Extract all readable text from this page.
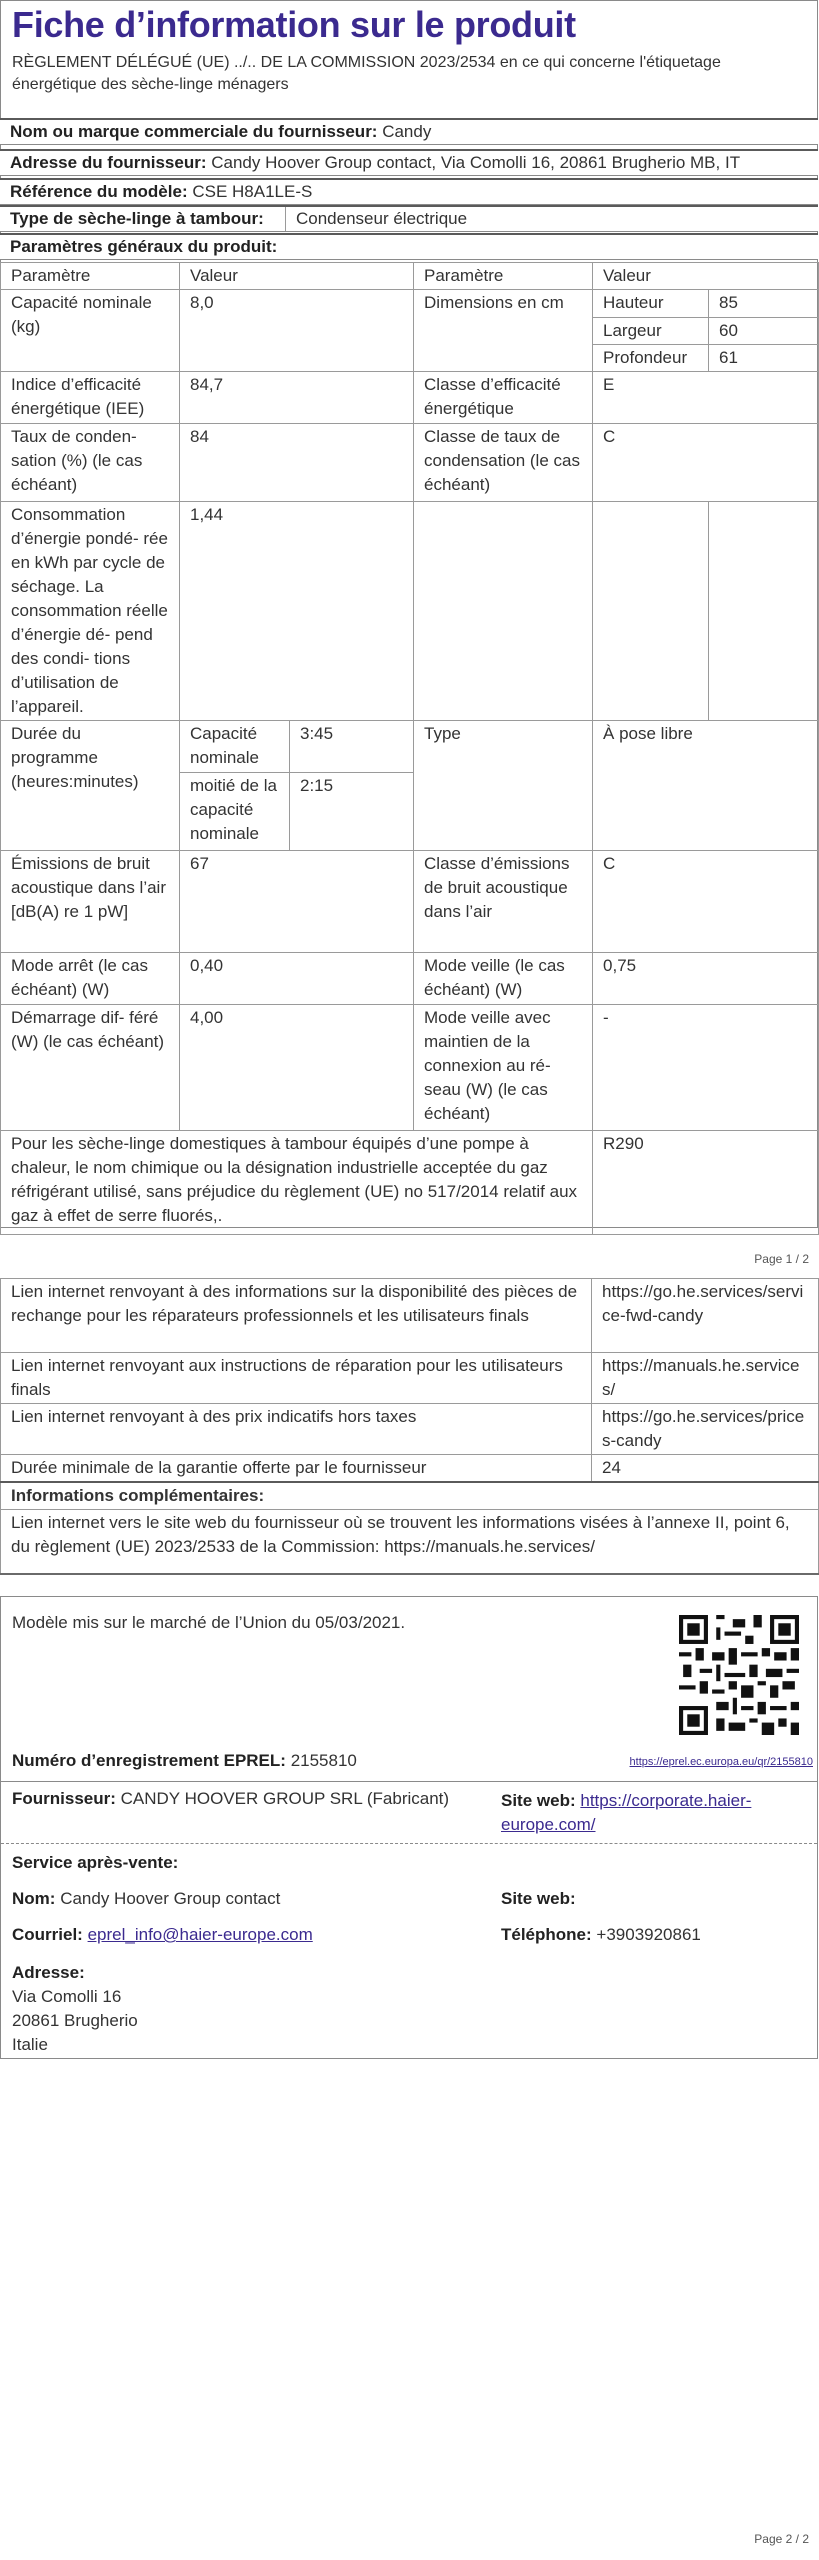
Fiche d’information sur le produit
RÈGLEMENT DÉLÉGUÉ (UE) ../.. DE LA COMMISSION 2023/2534 en ce qui concerne l'étiquetage énergétique des sèche-linge ménagers
Nom ou marque commerciale du fournisseur: Candy
Adresse du fournisseur: Candy Hoover Group contact, Via Comolli 16, 20861 Brugherio MB, IT
Référence du modèle: CSE H8A1LE-S
Type de sèche-linge à tambour:	Condenseur électrique
Paramètres généraux du produit:
Paramètre	Valeur		Paramètre	Valeur	
Capacité nominale (kg)	8,0		Dimensions en cm	Hauteur	85
				Largeur	60
				Profondeur	61
Indice d’efficacité énergétique (IEE)	84,7		Classe d’efficacité énergétique	E	
Taux de conden- sation (%) (le cas échéant)	84		Classe de taux de condensation (le cas échéant)	C	
Consommation d’énergie pondé- rée en kWh par cycle de séchage. La consommation réelle d’énergie dé- pend des condi- tions d’utilisation de l’appareil.	1,44				
Durée du programme (heures:minutes)	Capacité nominale	3:45	Type	À pose libre	
	moitié de la capacité nominale	2:15			
Émissions de bruit acoustique dans l’air [dB(A) re 1 pW]	67		Classe d’émissions de bruit acoustique dans l’air	C	
Mode arrêt (le cas échéant) (W)	0,40		Mode veille (le cas échéant) (W)	0,75	
Démarrage dif- féré (W) (le cas échéant)	4,00		Mode veille avec maintien de la connexion au ré- seau (W) (le cas échéant)	-	
Pour les sèche-linge domestiques à tambour équipés d’une pompe à chaleur, le nom chimique ou la désignation industrielle acceptée du gaz réfrigérant utilisé, sans préjudice du règlement (UE) no 517/2014 relatif aux gaz à effet de serre fluorés,.				R290	
Page 1 / 2
Lien internet renvoyant à des informations sur la disponibilité des pièces de rechange pour les réparateurs professionnels et les utilisateurs finals	https://go.he.services/service-fwd-candy
Lien internet renvoyant aux instructions de réparation pour les utilisateurs finals	https://manuals.he.services/
Lien internet renvoyant à des prix indicatifs hors taxes	https://go.he.services/prices-candy
Durée minimale de la garantie offerte par le fournisseur	24
Informations complémentaires:	
Lien internet vers le site web du fournisseur où se trouvent les informations visées à l’annexe II, point 6, du règlement (UE) 2023/2533 de la Commission: https://manuals.he.services/	
Modèle mis sur le marché de l’Union du 05/03/2021.
Numéro d’enregistrement EPREL: 2155810	https://eprel.ec.europa.eu/qr/2155810
Fournisseur: CANDY HOOVER GROUP SRL (Fabricant)	Site web: https://corporate.haier-europe.com/
Service après-vente:
Nom: Candy Hoover Group contact	Site web:
Courriel: eprel_info@haier-europe.com	Téléphone: +3903920861
Adresse:
Via Comolli 16
20861 Brugherio
Italie
Page 2 / 2
